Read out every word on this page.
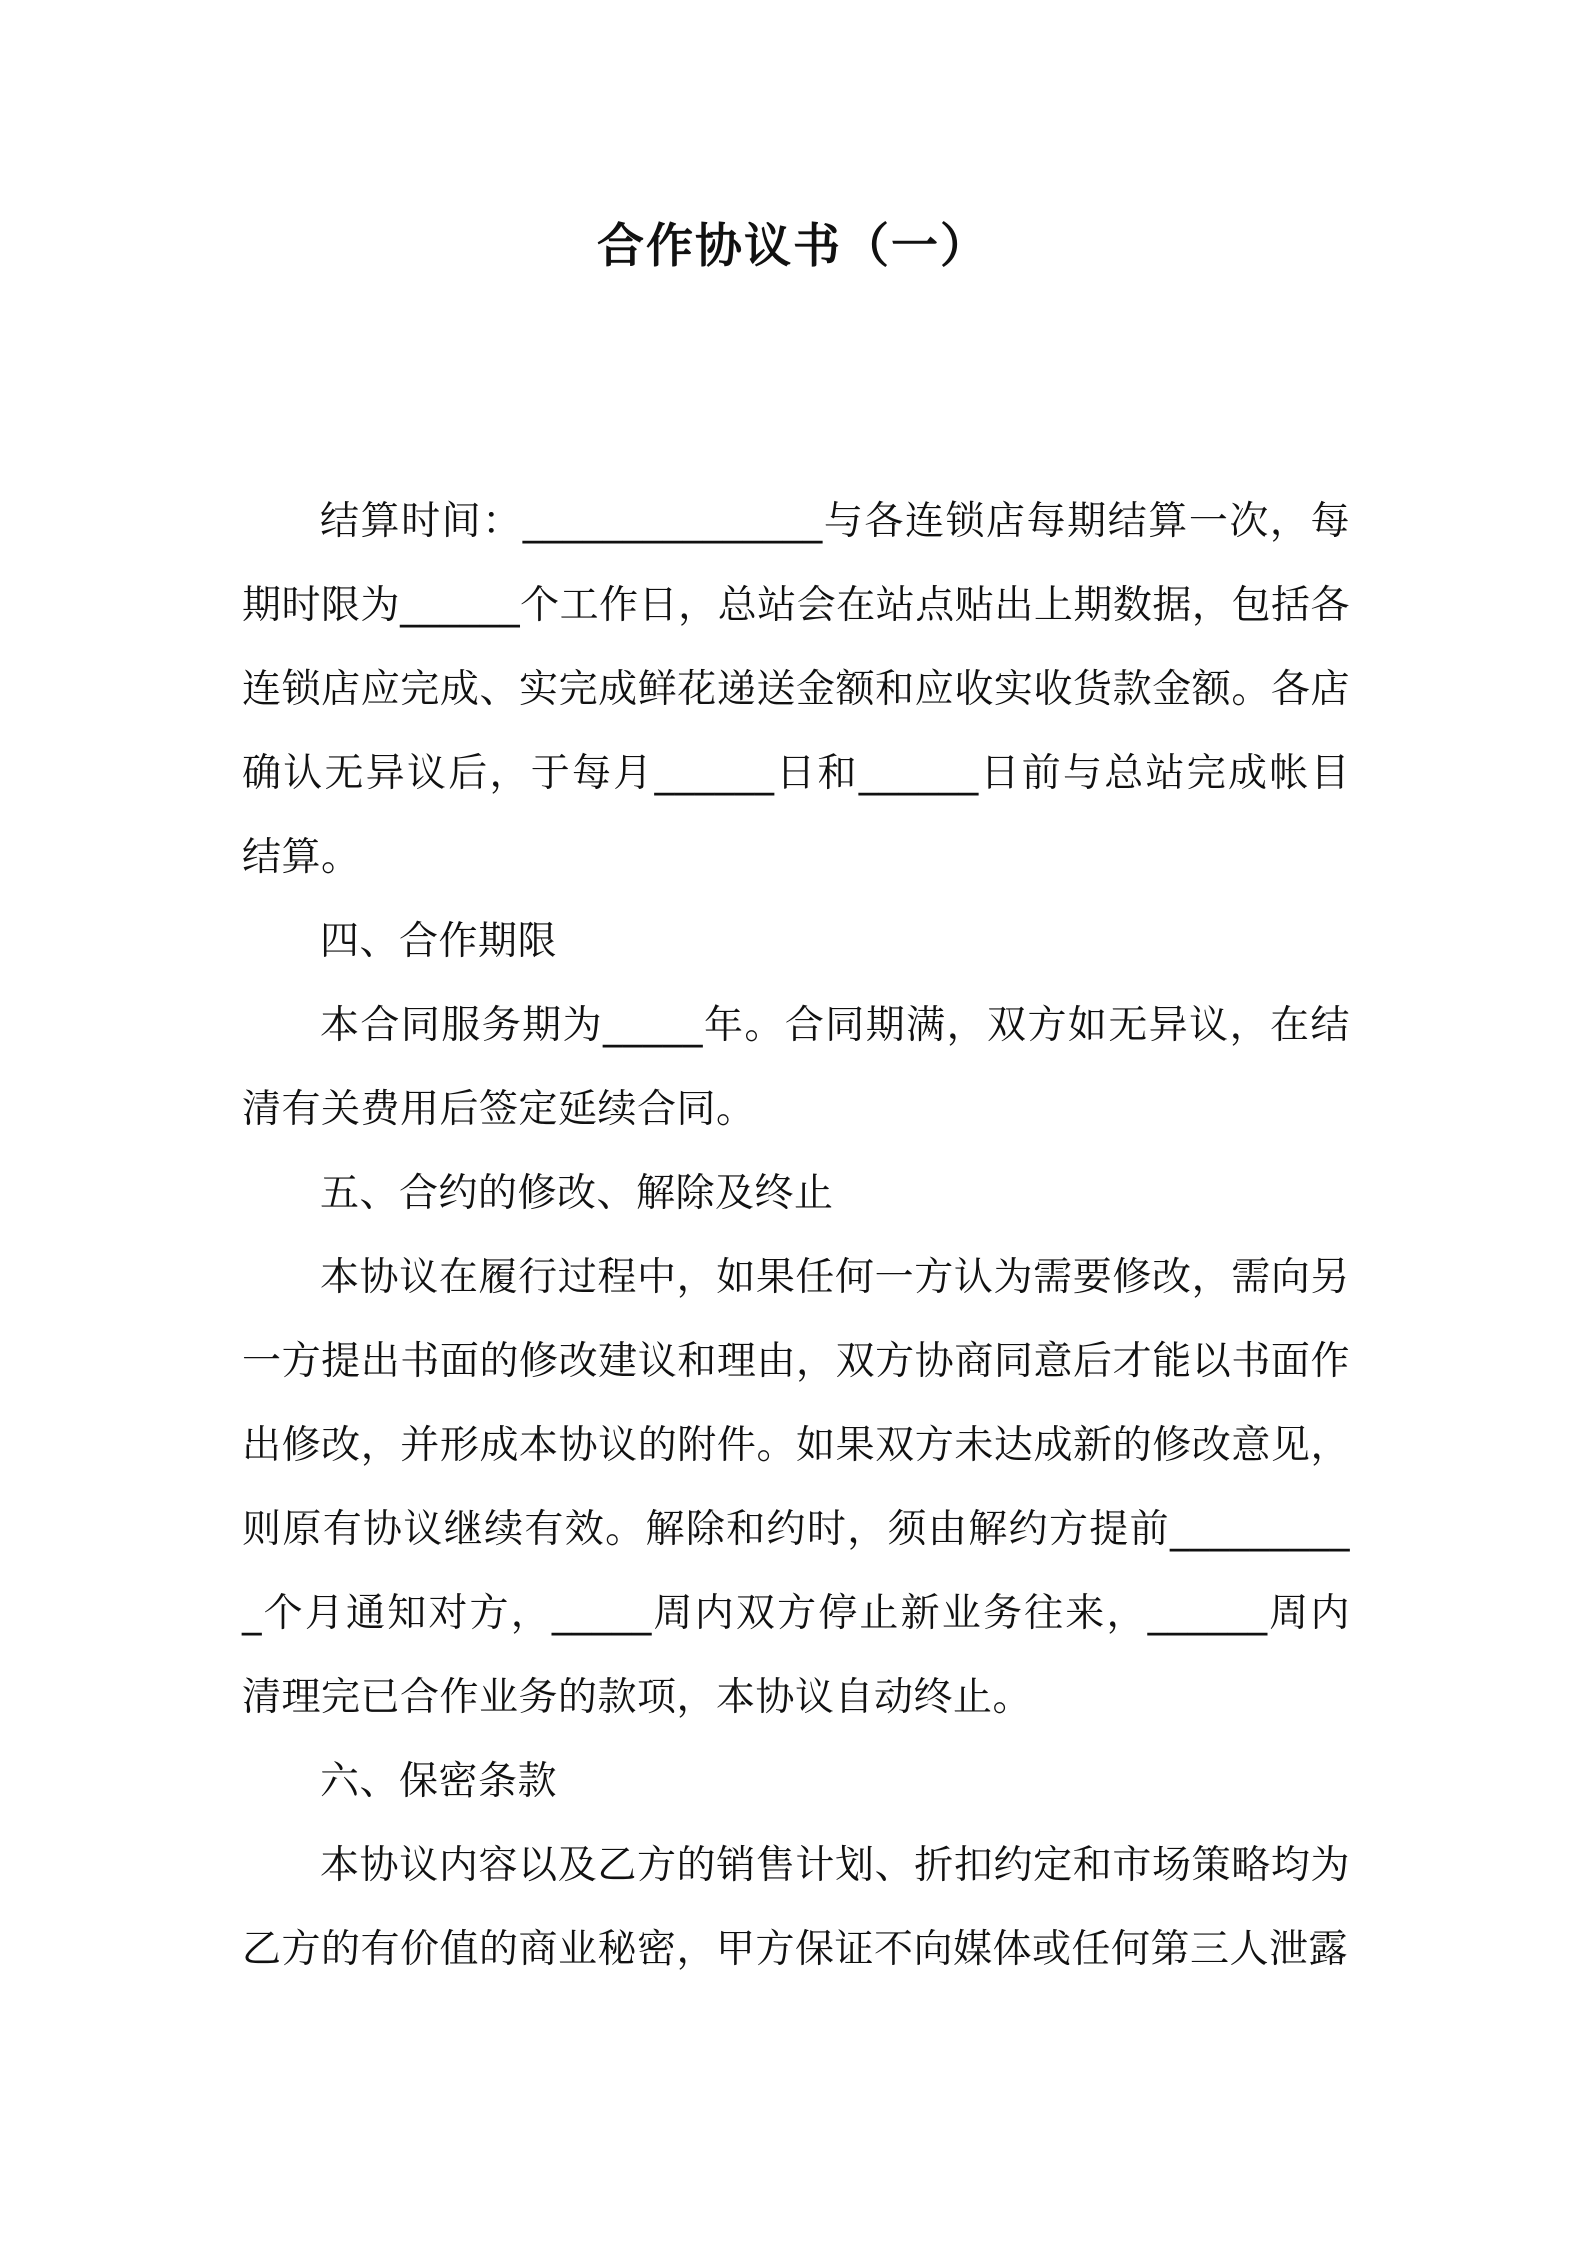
合作协议书（一）

结算时间：_______________与各连锁店每期结算一次，每期时限为______个工作日，总站会在站点贴出上期数据，包括各连锁店应完成、实完成鲜花递送金额和应收实收货款金额。各店确认无异议后，于每月______日和______日前与总站完成帐目结算。

四、合作期限

本合同服务期为_____年。合同期满，双方如无异议，在结清有关费用后签定延续合同。

五、合约的修改、解除及终止

本协议在履行过程中，如果任何一方认为需要修改，需向另一方提出书面的修改建议和理由，双方协商同意后才能以书面作出修改，并形成本协议的附件。如果双方未达成新的修改意见，则原有协议继续有效。解除和约时，须由解约方提前__________个月通知对方，_____周内双方停止新业务往来，______周内清理完已合作业务的款项，本协议自动终止。

六、保密条款

本协议内容以及乙方的销售计划、折扣约定和市场策略均为乙方的有价值的商业秘密，甲方保证不向媒体或任何第三人泄露
